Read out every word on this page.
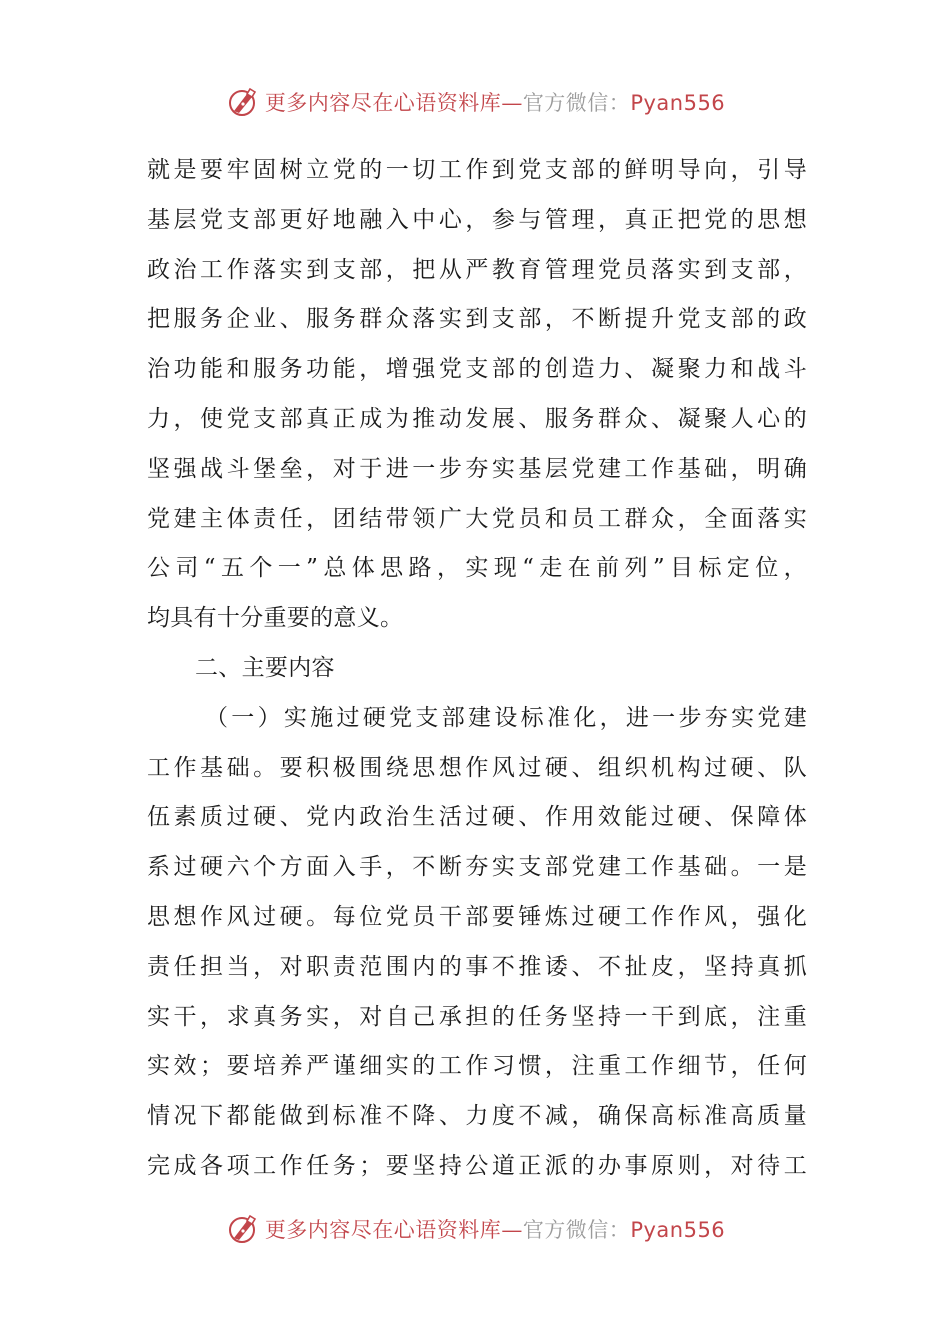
更多内容尽在心语资料库—官方微信：Pyan556
就是要牢固树立党的一切工作到党支部的鲜明导向，引导
基层党支部更好地融入中心，参与管理，真正把党的思想
政治工作落实到支部，把从严教育管理党员落实到支部，
把服务企业、服务群众落实到支部，不断提升党支部的政
治功能和服务功能，增强党支部的创造力、凝聚力和战斗
力，使党支部真正成为推动发展、服务群众、凝聚人心的
坚强战斗堡垒，对于进一步夯实基层党建工作基础，明确
党建主体责任，团结带领广大党员和员工群众，全面落实
公司“五个一”总体思路，实现“走在前列”目标定位，
均具有十分重要的意义。
二、主要内容
（一）实施过硬党支部建设标准化，进一步夯实党建
工作基础。要积极围绕思想作风过硬、组织机构过硬、队
伍素质过硬、党内政治生活过硬、作用效能过硬、保障体
系过硬六个方面入手，不断夯实支部党建工作基础。一是
思想作风过硬。每位党员干部要锤炼过硬工作作风，强化
责任担当，对职责范围内的事不推诿、不扯皮，坚持真抓
实干，求真务实，对自己承担的任务坚持一干到底，注重
实效；要培养严谨细实的工作习惯，注重工作细节，任何
情况下都能做到标准不降、力度不减，确保高标准高质量
完成各项工作任务；要坚持公道正派的办事原则，对待工
更多内容尽在心语资料库—官方微信：Pyan556
